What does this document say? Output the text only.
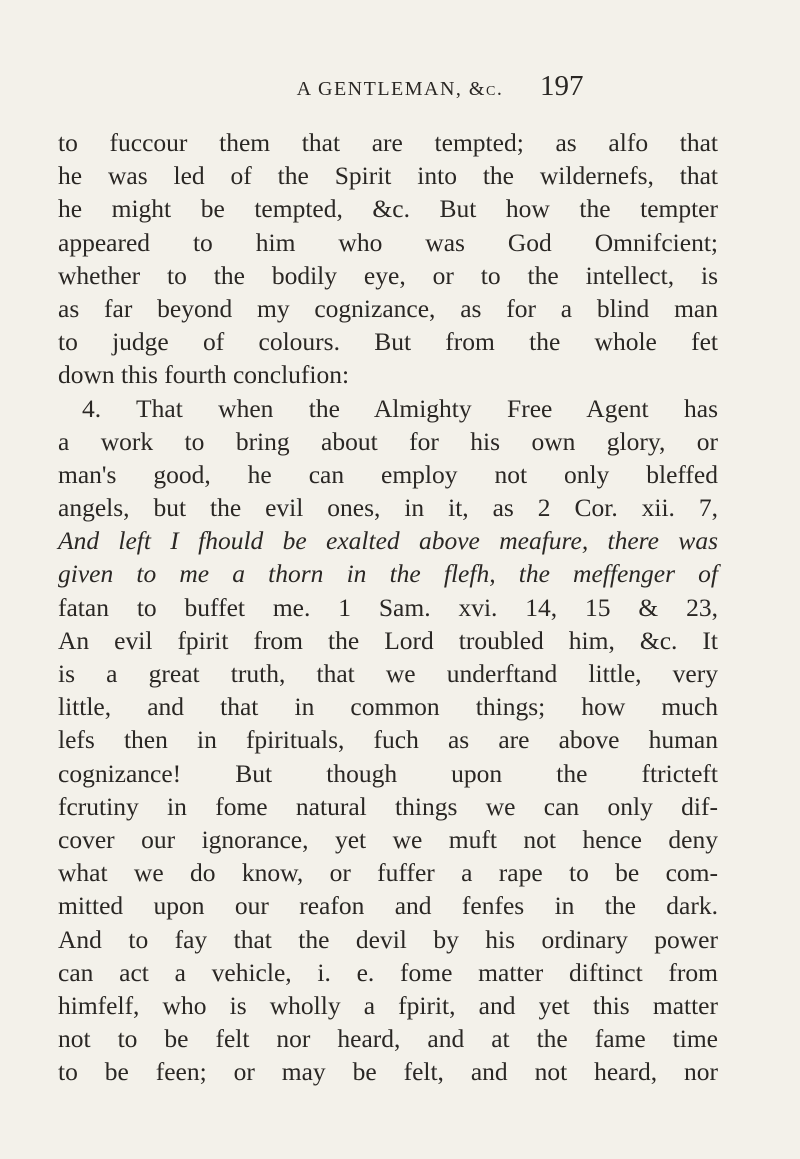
A GENTLEMAN, &c.	197
to fuccour them that are tempted; as alfo that
he was led of the Spirit into the wildernefs, that
he might be tempted, &c. But how the tempter
appeared to him who was God Omnifcient;
whether to the bodily eye, or to the intellect, is
as far beyond my cognizance, as for a blind man
to judge of colours. But from the whole fet
down this fourth conclufion:
4. That when the Almighty Free Agent has
a work to bring about for his own glory, or
man's good, he can employ not only bleffed
angels, but the evil ones, in it, as 2 Cor. xii. 7,
And left I fhould be exalted above meafure, there was
given to me a thorn in the flefh, the meffenger of
fatan to buffet me. 1 Sam. xvi. 14, 15 & 23,
An evil fpirit from the Lord troubled him, &c. It
is a great truth, that we underftand little, very
little, and that in common things; how much
lefs then in fpirituals, fuch as are above human
cognizance! But though upon the ftricteft
fcrutiny in fome natural things we can only dif-
cover our ignorance, yet we muft not hence deny
what we do know, or fuffer a rape to be com-
mitted upon our reafon and fenfes in the dark.
And to fay that the devil by his ordinary power
can act a vehicle, i. e. fome matter diftinct from
himfelf, who is wholly a fpirit, and yet this matter
not to be felt nor heard, and at the fame time
to be feen; or may be felt, and not heard, nor
